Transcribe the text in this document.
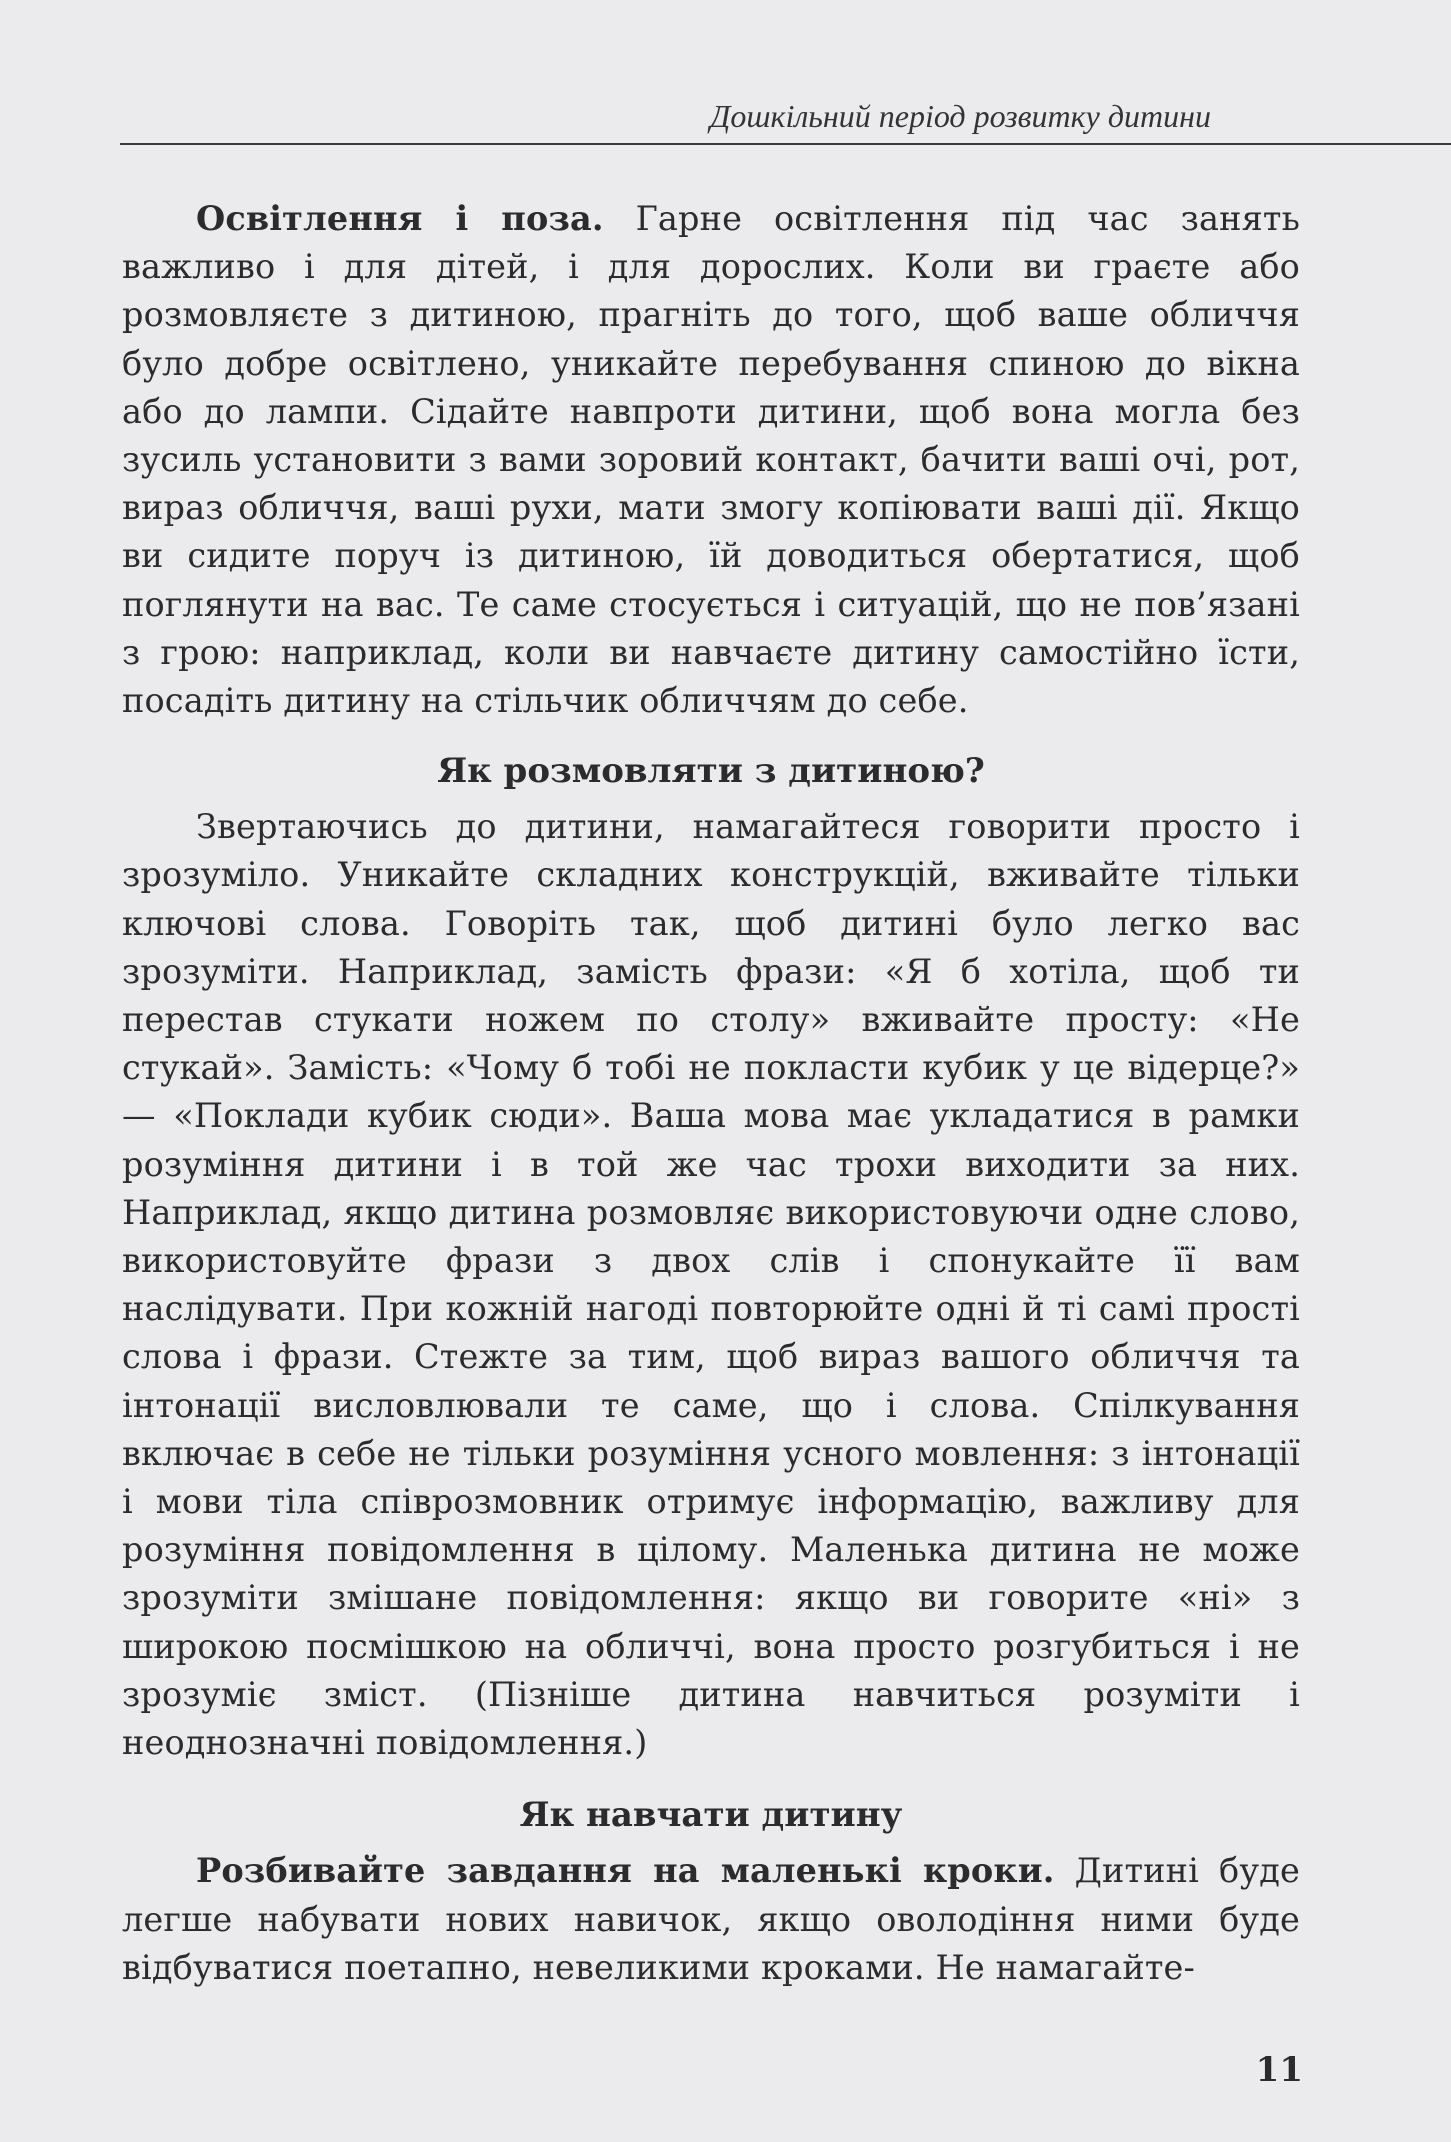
Дошкільний період розвитку дитини

Освітлення і поза. Гарне освітлення під час занять важливо і для дітей, і для дорослих. Коли ви граєте або розмовляєте з дитиною, прагніть до того, щоб ваше обличчя було добре освітлено, уникайте перебування спиною до вікна або до лампи. Сідайте навпроти дитини, щоб вона могла без зусиль установити з вами зоровий контакт, бачити ваші очі, рот, вираз обличчя, ваші рухи, мати змогу копіювати ваші дії. Якщо ви сидите поруч із дитиною, їй доводиться обертатися, щоб поглянути на вас. Те саме стосується і ситуацій, що не пов’язані з грою: наприклад, коли ви навчаєте дитину самостійно їсти, посадіть дитину на стільчик обличчям до себе.

Як розмовляти з дитиною?

Звертаючись до дитини, намагайтеся говорити просто і зрозуміло. Уникайте складних конструкцій, вживайте тільки ключові слова. Говоріть так, щоб дитині було легко вас зрозуміти. Наприклад, замість фрази: «Я б хотіла, щоб ти перестав стукати ножем по столу» вживайте просту: «Не стукай». Замість: «Чому б тобі не покласти кубик у це відерце?» — «Поклади кубик сюди». Ваша мова має укладатися в рамки розуміння дитини і в той же час трохи виходити за них. Наприклад, якщо дитина розмовляє використовуючи одне слово, використовуйте фрази з двох слів і спонукайте її вам наслідувати. При кожній нагоді повторюйте одні й ті самі прості слова і фрази. Стежте за тим, щоб вираз вашого обличчя та інтонації висловлювали те саме, що і слова. Спілкування включає в себе не тільки розуміння усного мовлення: з інтонації і мови тіла співрозмовник отримує інформацію, важливу для розуміння повідомлення в цілому. Маленька дитина не може зрозуміти змішане повідомлення: якщо ви говорите «ні» з широкою посмішкою на обличчі, вона просто розгубиться і не зрозуміє зміст. (Пізніше дитина навчиться розуміти і неоднозначні повідомлення.)

Як навчати дитину

Розбивайте завдання на маленькі кроки. Дитині буде легше набувати нових навичок, якщо оволодіння ними буде відбуватися поетапно, невеликими кроками. Не намагайте-

11
